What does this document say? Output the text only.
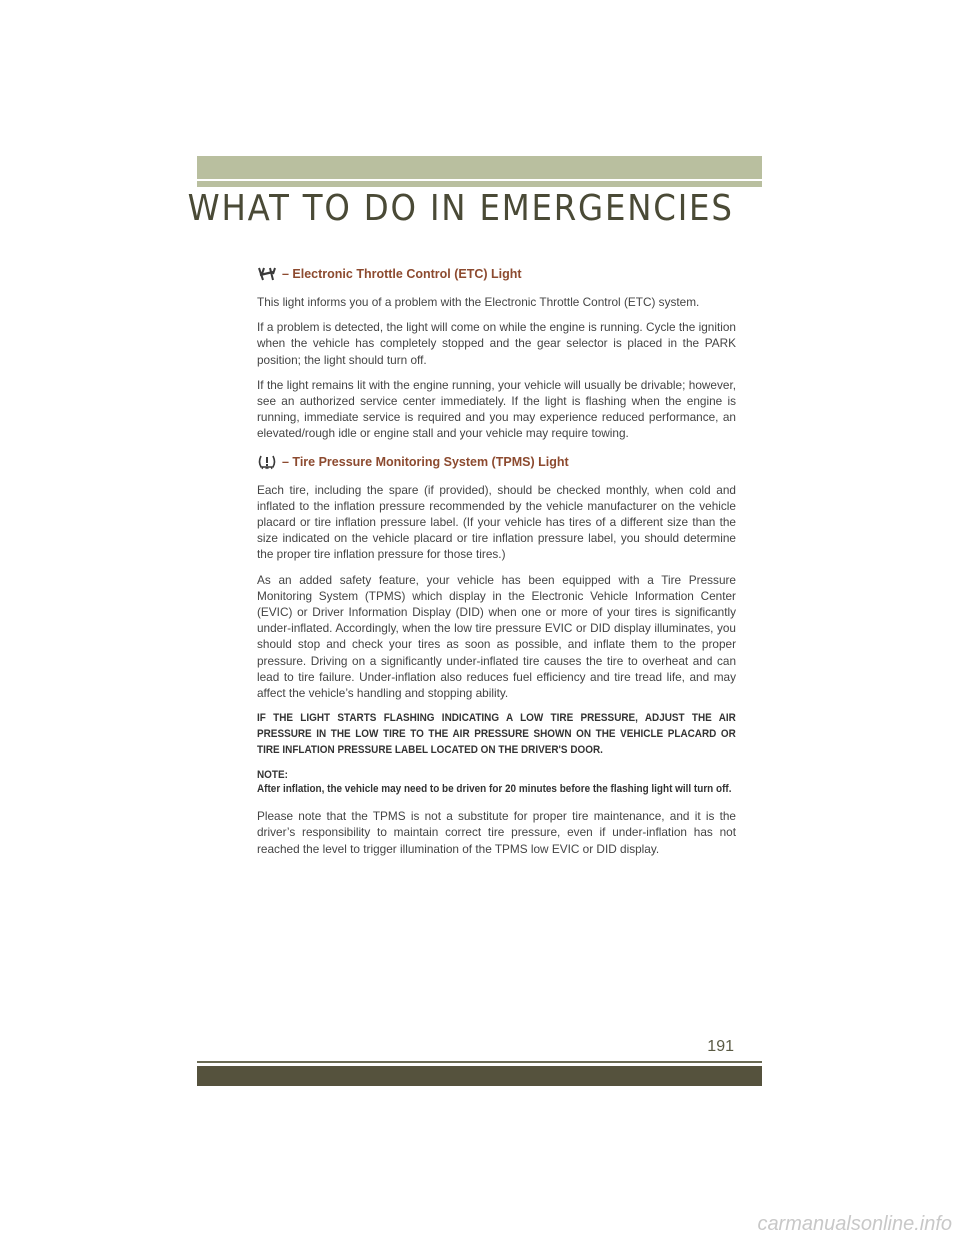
WHAT TO DO IN EMERGENCIES
– Electronic Throttle Control (ETC) Light

This light informs you of a problem with the Electronic Throttle Control (ETC) system.

If a problem is detected, the light will come on while the engine is running. Cycle the ignition when the vehicle has completely stopped and the gear selector is placed in the PARK position; the light should turn off.

If the light remains lit with the engine running, your vehicle will usually be drivable; however, see an authorized service center immediately. If the light is flashing when the engine is running, immediate service is required and you may experience reduced performance, an elevated/rough idle or engine stall and your vehicle may require towing.

– Tire Pressure Monitoring System (TPMS) Light

Each tire, including the spare (if provided), should be checked monthly, when cold and inflated to the inflation pressure recommended by the vehicle manufacturer on the vehicle placard or tire inflation pressure label. (If your vehicle has tires of a different size than the size indicated on the vehicle placard or tire inflation pressure label, you should determine the proper tire inflation pressure for those tires.)

As an added safety feature, your vehicle has been equipped with a Tire Pressure Monitoring System (TPMS) which display in the Electronic Vehicle Information Center (EVIC) or Driver Information Display (DID) when one or more of your tires is significantly under-inflated. Accordingly, when the low tire pressure EVIC or DID display illuminates, you should stop and check your tires as soon as possible, and inflate them to the proper pressure. Driving on a significantly under-inflated tire causes the tire to overheat and can lead to tire failure. Under-inflation also reduces fuel efficiency and tire tread life, and may affect the vehicle’s handling and stopping ability.

IF THE LIGHT STARTS FLASHING INDICATING A LOW TIRE PRESSURE, ADJUST THE AIR PRESSURE IN THE LOW TIRE TO THE AIR PRESSURE SHOWN ON THE VEHICLE PLACARD OR TIRE INFLATION PRESSURE LABEL LOCATED ON THE DRIVER'S DOOR.

NOTE:

After inflation, the vehicle may need to be driven for 20 minutes before the flashing light will turn off.

Please note that the TPMS is not a substitute for proper tire maintenance, and it is the driver’s responsibility to maintain correct tire pressure, even if under-inflation has not reached the level to trigger illumination of the TPMS low EVIC or DID display.

191
carmanualsonline.info
